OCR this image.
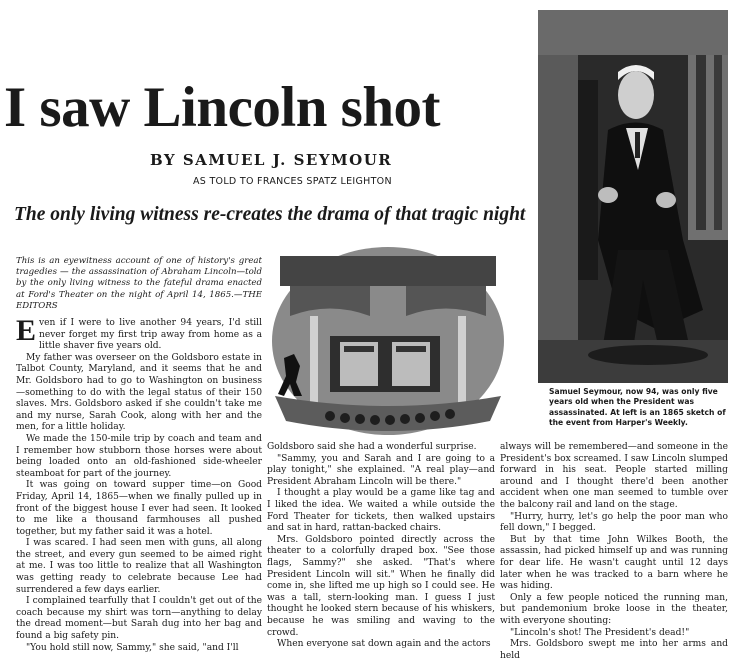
I saw Lincoln shot
BY SAMUEL J. SEYMOUR
AS TOLD TO FRANCES SPATZ LEIGHTON
The only living witness re-creates the drama of that tragic night
Samuel Seymour, now 94, was only five years old when the President was assassinated. At left is an 1865 sketch of the event from Harper's Weekly.
This is an eyewitness account of one of history's great tragedies — the assassination of Abraham Lincoln—told by the only living witness to the fateful drama enacted at Ford's Theater on the night of April 14, 1865.—THE EDITORS

Even if I were to live another 94 years, I'd still never forget my first trip away from home as a little shaver five years old.

My father was overseer on the Goldsboro estate in Talbot County, Maryland, and it seems that he and Mr. Goldsboro had to go to Washington on business—something to do with the legal status of their 150 slaves. Mrs. Goldsboro asked if she couldn't take me and my nurse, Sarah Cook, along with her and the men, for a little holiday.

We made the 150-mile trip by coach and team and I remember how stubborn those horses were about being loaded onto an old-fashioned side-wheeler steamboat for part of the journey.

It was going on toward supper time—on Good Friday, April 14, 1865—when we finally pulled up in front of the biggest house I ever had seen. It looked to me like a thousand farmhouses all pushed together, but my father said it was a hotel.

I was scared. I had seen men with guns, all along the street, and every gun seemed to be aimed right at me. I was too little to realize that all Washington was getting ready to celebrate because Lee had surrendered a few days earlier.

I complained tearfully that I couldn't get out of the coach because my shirt was torn—anything to delay the dread moment—but Sarah dug into her bag and found a big safety pin.

"You hold still now, Sammy," she said, "and I'll

Goldsboro said she had a wonderful surprise.

"Sammy, you and Sarah and I are going to a play tonight," she explained. "A real play—and President Abraham Lincoln will be there."

I thought a play would be a game like tag and I liked the idea. We waited a while outside the Ford Theater for tickets, then walked upstairs and sat in hard, rattan-backed chairs.

Mrs. Goldsboro pointed directly across the theater to a colorfully draped box. "See those flags, Sammy?" she asked. "That's where President Lincoln will sit." When he finally did come in, she lifted me up high so I could see. He was a tall, stern-looking man. I guess I just thought he looked stern because of his whiskers, because he was smiling and waving to the crowd.

When everyone sat down again and the actors

always will be remembered—and someone in the President's box screamed. I saw Lincoln slumped forward in his seat. People started milling around and I thought there'd been another accident when one man seemed to tumble over the balcony rail and land on the stage.

"Hurry, hurry, let's go help the poor man who fell down," I begged.

But by that time John Wilkes Booth, the assassin, had picked himself up and was running for dear life. He wasn't caught until 12 days later when he was tracked to a barn where he was hiding.

Only a few people noticed the running man, but pandemonium broke loose in the theater, with everyone shouting:

"Lincoln's shot! The President's dead!"

Mrs. Goldsboro swept me into her arms and held
